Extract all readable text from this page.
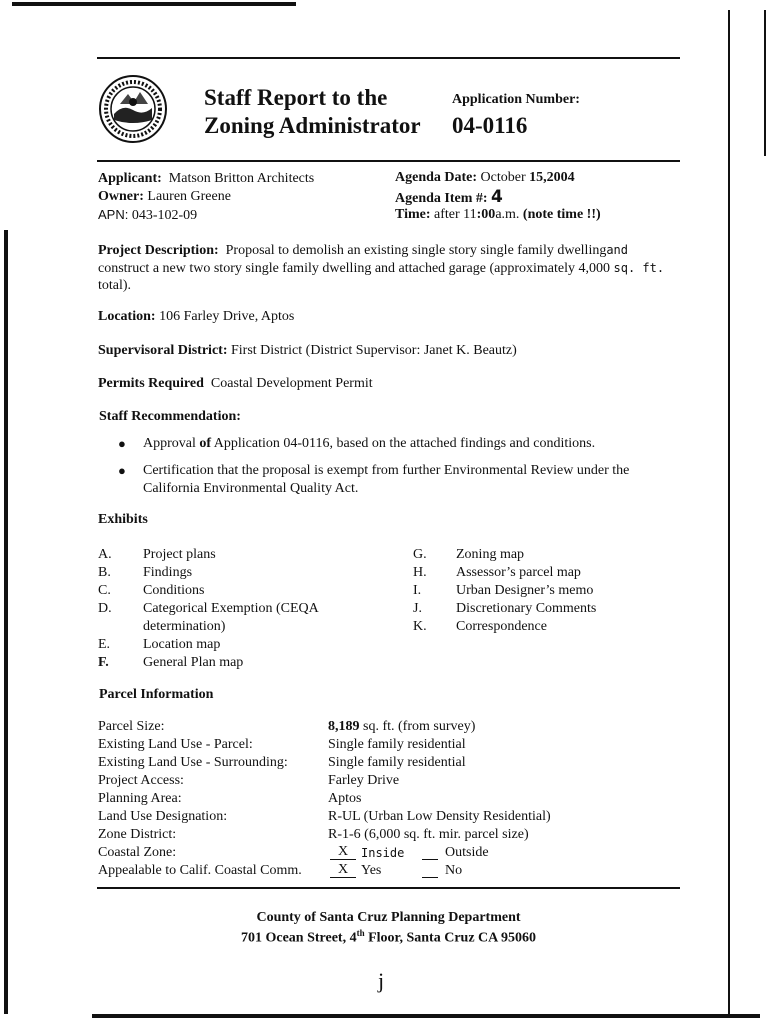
Staff Report to the
Zoning Administrator
Application Number:
04-0116
Applicant: Matson Britton Architects
Owner: Lauren Greene
APN: 043-102-09
Agenda Date: October 15,2004
Agenda Item #: 4
Time: after 11:00a.m. (note time !!)
Project Description: Proposal to demolish an existing single story single family dwellingand
construct a new two story single family dwelling and attached garage (approximately 4,000 sq. ft.
total).
Location: 106 Farley Drive, Aptos
Supervisoral District: First District (District Supervisor: Janet K. Beautz)
Permits Required Coastal Development Permit
Staff Recommendation:
● Approval of Application 04-0116, based on the attached findings and conditions.
● Certification that the proposal is exempt from further Environmental Review under the
California Environmental Quality Act.
Exhibits
A. Project plans
B. Findings
C. Conditions
D. Categorical Exemption (CEQA
determination)
E. Location map
F. General Plan map
G. Zoning map
H. Assessor’s parcel map
I. Urban Designer’s memo
J. Discretionary Comments
K. Correspondence
Parcel Information
Parcel Size:	8,189 sq. ft. (from survey)
Existing Land Use - Parcel:	Single family residential
Existing Land Use - Surrounding:	Single family residential
Project Access:	Farley Drive
Planning Area:	Aptos
Land Use Designation:	R-UL (Urban Low Density Residential)
Zone District:	R-1-6 (6,000 sq. ft. mir. parcel size)
Coastal Zone:	X	Inside	Outside
Appealable to Calif. Coastal Comm.	X Yes	No
County of Santa Cruz Planning Department
701 Ocean Street, 4th Floor, Santa Cruz CA 95060
j
